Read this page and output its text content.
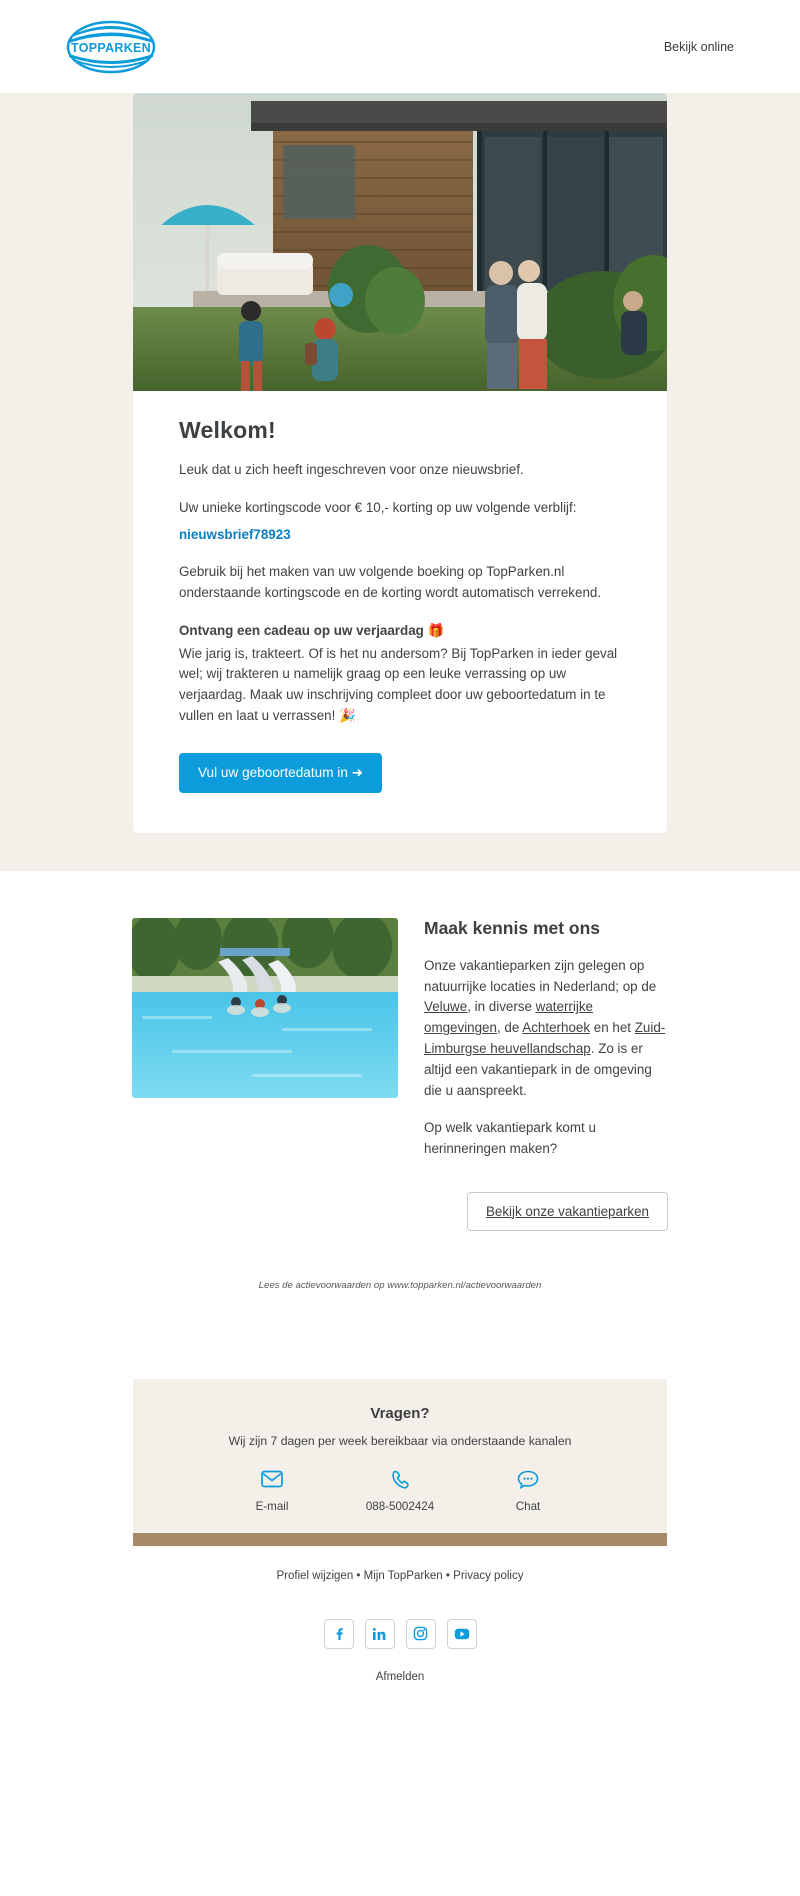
TOPPARKEN	Bekijk online
Welkom!

Leuk dat u zich heeft ingeschreven voor onze nieuwsbrief.

Uw unieke kortingscode voor € 10,- korting op uw volgende verblijf:

nieuwsbrief78923

Gebruik bij het maken van uw volgende boeking op TopParken.nl onderstaande kortingscode en de korting wordt automatisch verrekend.

Ontvang een cadeau op uw verjaardag 🎁

Wie jarig is, trakteert. Of is het nu andersom? Bij TopParken in ieder geval wel; wij trakteren u namelijk graag op een leuke verrassing op uw verjaardag. Maak uw inschrijving compleet door uw geboortedatum in te vullen en laat u verrassen! 🎉

Vul uw geboortedatum in ➜
Maak kennis met ons

Onze vakantieparken zijn gelegen op natuurrijke locaties in Nederland; op de Veluwe, in diverse waterrijke omgevingen, de Achterhoek en het Zuid-Limburgse heuvellandschap. Zo is er altijd een vakantiepark in de omgeving die u aanspreekt.

Op welk vakantiepark komt u herinneringen maken?

Bekijk onze vakantieparken

Lees de actievoorwaarden op www.topparken.nl/actievoorwaarden

Vragen?
Wij zijn 7 dagen per week bereikbaar via onderstaande kanalen
E-mail	088-5002424	Chat
Profiel wijzigen • Mijn TopParken • Privacy policy
Afmelden
